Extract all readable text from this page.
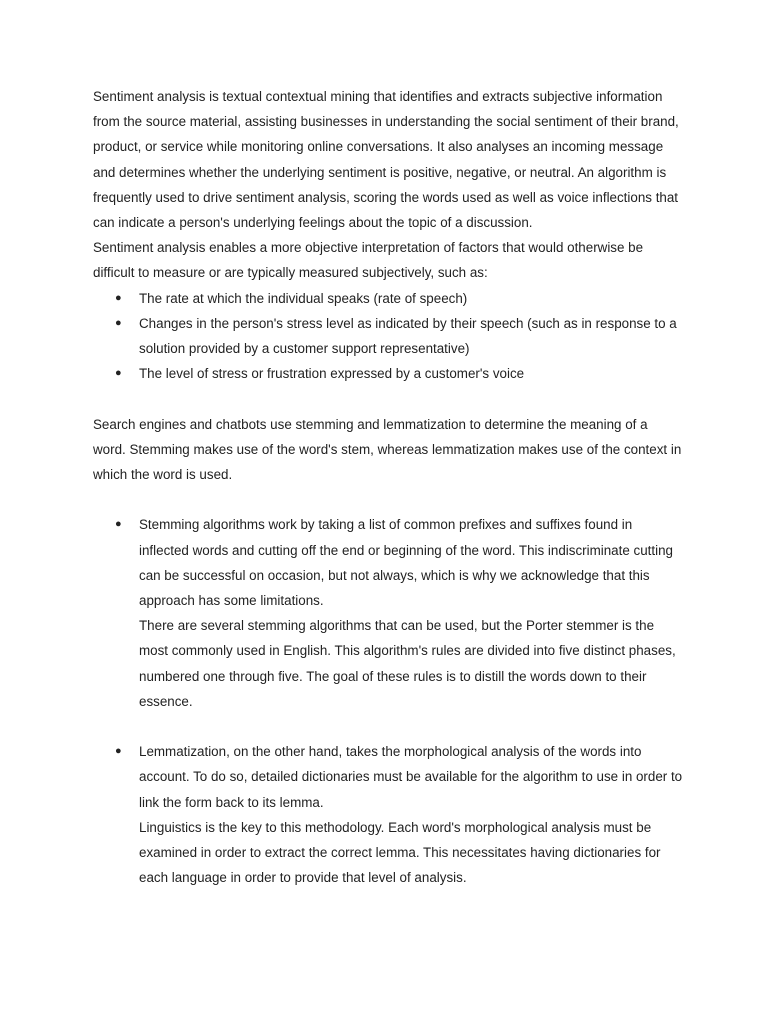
Sentiment analysis is textual contextual mining that identifies and extracts subjective information from the source material, assisting businesses in understanding the social sentiment of their brand, product, or service while monitoring online conversations. It also analyses an incoming message and determines whether the underlying sentiment is positive, negative, or neutral. An algorithm is frequently used to drive sentiment analysis, scoring the words used as well as voice inflections that can indicate a person's underlying feelings about the topic of a discussion.

Sentiment analysis enables a more objective interpretation of factors that would otherwise be difficult to measure or are typically measured subjectively, such as:

● The rate at which the individual speaks (rate of speech)
● Changes in the person's stress level as indicated by their speech (such as in response to a solution provided by a customer support representative)
● The level of stress or frustration expressed by a customer's voice

Search engines and chatbots use stemming and lemmatization to determine the meaning of a word. Stemming makes use of the word's stem, whereas lemmatization makes use of the context in which the word is used.

● Stemming algorithms work by taking a list of common prefixes and suffixes found in inflected words and cutting off the end or beginning of the word. This indiscriminate cutting can be successful on occasion, but not always, which is why we acknowledge that this approach has some limitations.
There are several stemming algorithms that can be used, but the Porter stemmer is the most commonly used in English. This algorithm's rules are divided into five distinct phases, numbered one through five. The goal of these rules is to distill the words down to their essence.
● Lemmatization, on the other hand, takes the morphological analysis of the words into account. To do so, detailed dictionaries must be available for the algorithm to use in order to link the form back to its lemma.
Linguistics is the key to this methodology. Each word's morphological analysis must be examined in order to extract the correct lemma. This necessitates having dictionaries for each language in order to provide that level of analysis.
